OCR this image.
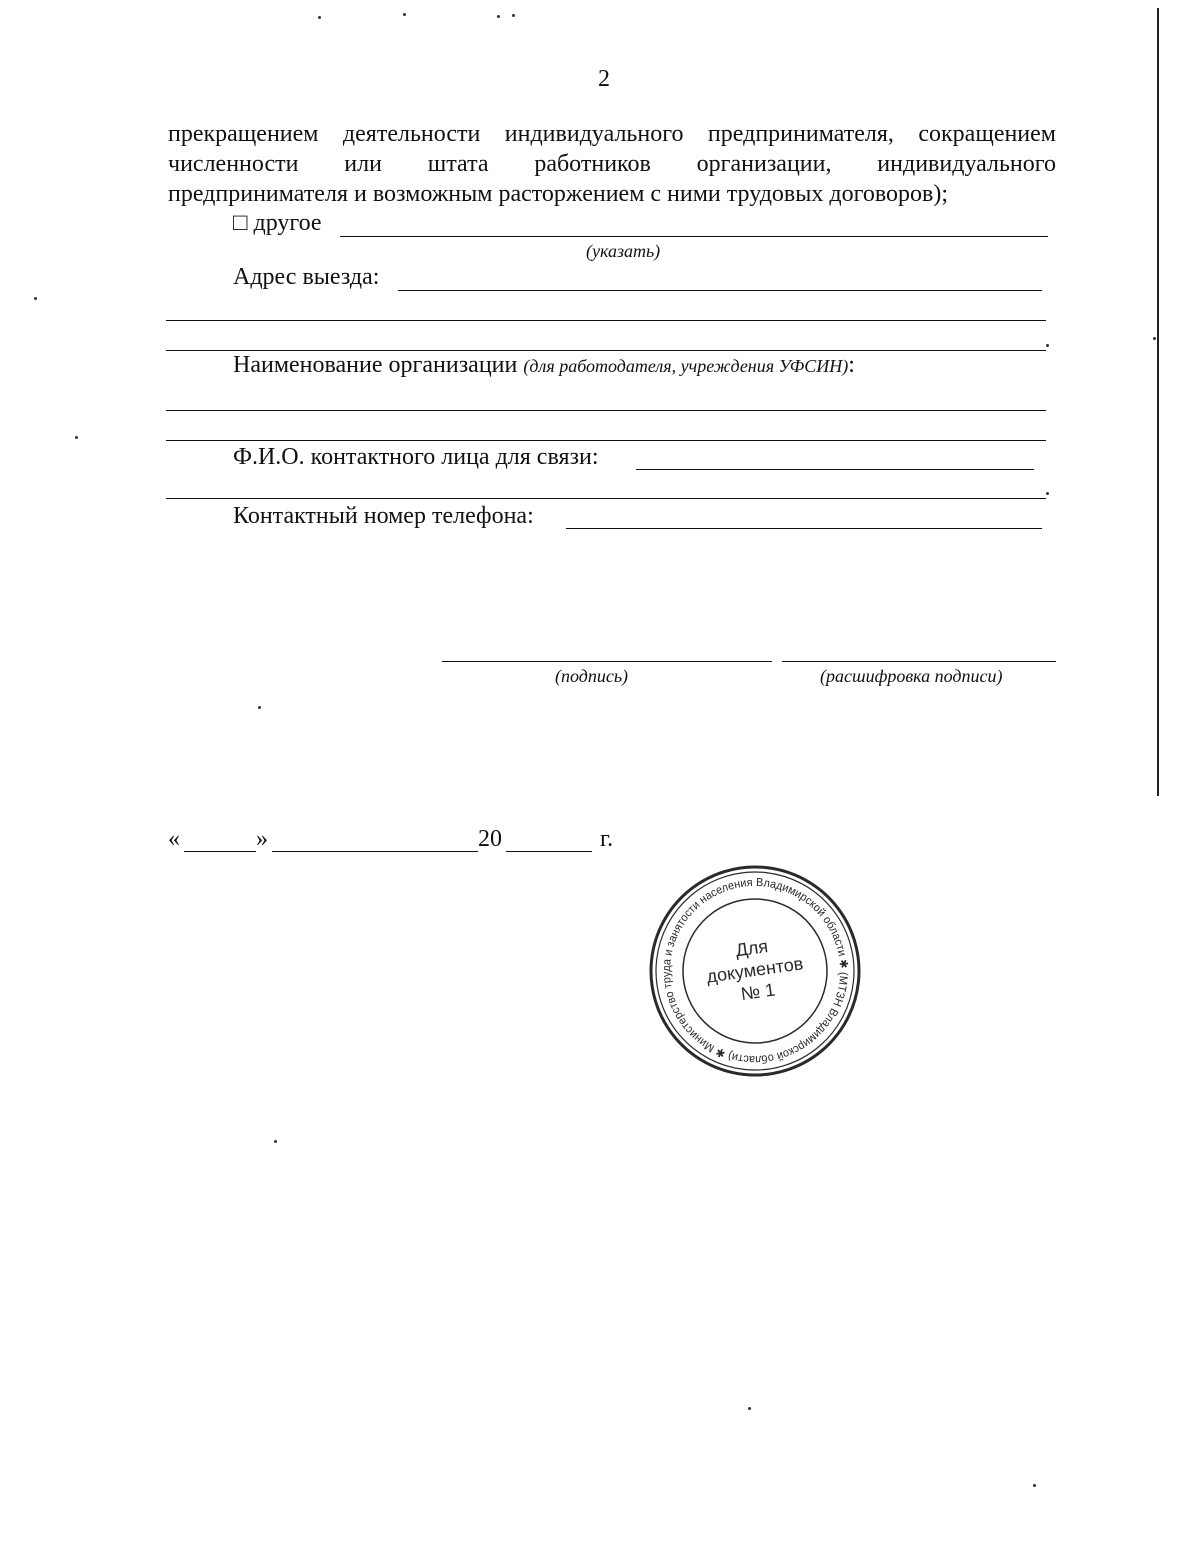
2
прекращением деятельности индивидуального предпринимателя, сокращением
численности или штата работников организации, индивидуального
предпринимателя и возможным расторжением с ними трудовых договоров);
□ другое
(указать)
Адрес выезда:
Наименование организации (для работодателя, учреждения УФСИН):
Ф.И.О. контактного лица для связи:
Контактный номер телефона:
(подпись)	(расшифровка подписи)
«	»	20	г.
Министерство труда и занятости населения Владимирской области ✱ (МТЗН Владимирской области) ✱
Для
документов
№ 1
